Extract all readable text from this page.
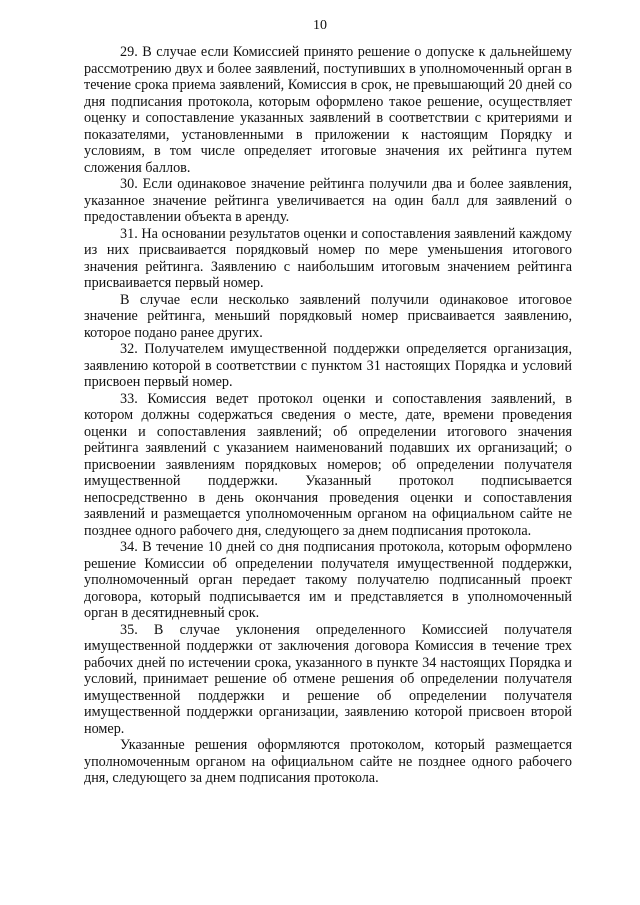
10

29. В случае если Комиссией принято решение о допуске к дальнейшему рассмотрению двух и более заявлений, поступивших в уполномоченный орган в течение срока приема заявлений, Комиссия в срок, не превышающий 20 дней со дня подписания протокола, которым оформлено такое решение, осуществляет оценку и сопоставление указанных заявлений в соответствии с критериями и показателями, установленными в приложении к настоящим Порядку и условиям, в том числе определяет итоговые значения их рейтинга путем сложения баллов.

30. Если одинаковое значение рейтинга получили два и более заявления, указанное значение рейтинга увеличивается на один балл для заявлений о предоставлении объекта в аренду.

31. На основании результатов оценки и сопоставления заявлений каждому из них присваивается порядковый номер по мере уменьшения итогового значения рейтинга. Заявлению с наибольшим итоговым значением рейтинга присваивается первый номер.

В случае если несколько заявлений получили одинаковое итоговое значение рейтинга, меньший порядковый номер присваивается заявлению, которое подано ранее других.

32. Получателем имущественной поддержки определяется организация, заявлению которой в соответствии с пунктом 31 настоящих Порядка и условий присвоен первый номер.

33. Комиссия ведет протокол оценки и сопоставления заявлений, в котором должны содержаться сведения о месте, дате, времени проведения оценки и сопоставления заявлений; об определении итогового значения рейтинга заявлений с указанием наименований подавших их организаций; о присвоении заявлениям порядковых номеров; об определении получателя имущественной поддержки. Указанный протокол подписывается непосредственно в день окончания проведения оценки и сопоставления заявлений и размещается уполномоченным органом на официальном сайте не позднее одного рабочего дня, следующего за днем подписания протокола.

34. В течение 10 дней со дня подписания протокола, которым оформлено решение Комиссии об определении получателя имущественной поддержки, уполномоченный орган передает такому получателю подписанный проект договора, который подписывается им и представляется в уполномоченный орган в десятидневный срок.

35. В случае уклонения определенного Комиссией получателя имущественной поддержки от заключения договора Комиссия в течение трех рабочих дней по истечении срока, указанного в пункте 34 настоящих Порядка и условий, принимает решение об отмене решения об определении получателя имущественной поддержки и решение об определении получателя имущественной поддержки организации, заявлению которой присвоен второй номер.

Указанные решения оформляются протоколом, который размещается уполномоченным органом на официальном сайте не позднее одного рабочего дня, следующего за днем подписания протокола.
